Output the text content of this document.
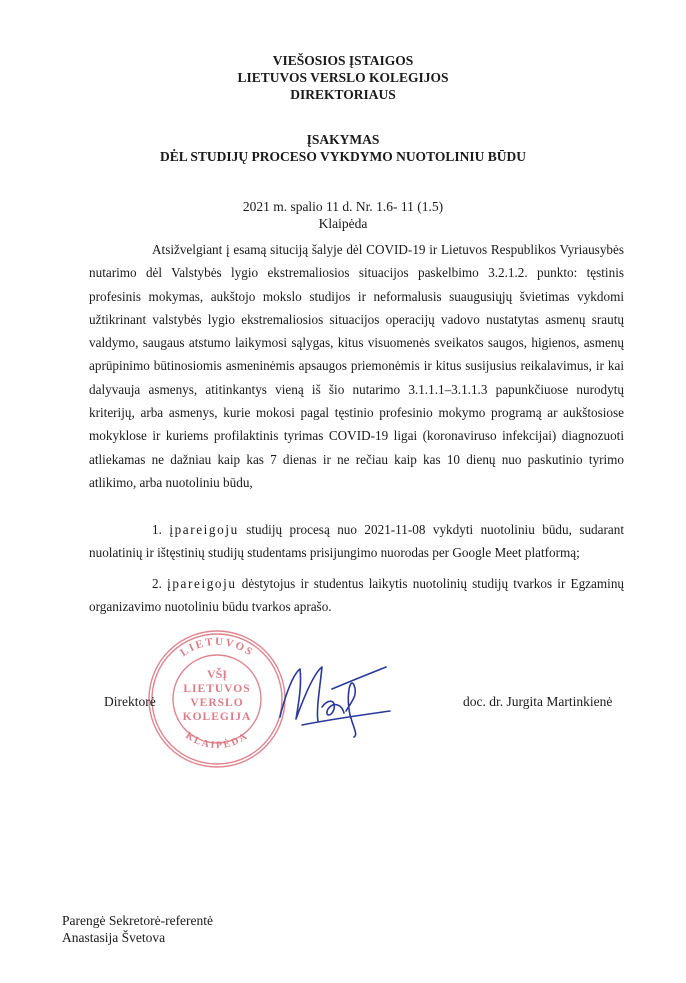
VIEŠOSIOS ĮSTAIGOS
LIETUVOS VERSLO KOLEGIJOS
DIREKTORIAUS
ĮSAKYMAS
DĖL STUDIJŲ PROCESO VYKDYMO NUOTOLINIU BŪDU
2021 m. spalio 11 d. Nr. 1.6- 11 (1.5)
Klaipėda
Atsižvelgiant į esamą situciją šalyje dėl COVID-19 ir Lietuvos Respublikos Vyriausybės nutarimo dėl Valstybės lygio ekstremaliosios situacijos paskelbimo 3.2.1.2. punkto: tęstinis profesinis mokymas, aukštojo mokslo studijos ir neformalusis suaugusiųjų švietimas vykdomi užtikrinant valstybės lygio ekstremaliosios situacijos operacijų vadovo nustatytas asmenų srautų valdymo, saugaus atstumo laikymosi sąlygas, kitus visuomenės sveikatos saugos, higienos, asmenų aprūpinimo būtinosiomis asmeninėmis apsaugos priemonėmis ir kitus susijusius reikalavimus, ir kai dalyvauja asmenys, atitinkantys vieną iš šio nutarimo 3.1.1.1–3.1.1.3 papunkčiuose nurodytų kriterijų, arba asmenys, kurie mokosi pagal tęstinio profesinio mokymo programą ar aukštosiose mokyklose ir kuriems profilaktinis tyrimas COVID-19 ligai (koronaviruso infekcijai) diagnozuoti atliekamas ne dažniau kaip kas 7 dienas ir ne rečiau kaip kas 10 dienų nuo paskutinio tyrimo atlikimo, arba nuotoliniu būdu,
1. įpareigoju studijų procesą nuo 2021-11-08 vykdyti nuotoliniu būdu, sudarant nuolatinių ir ištęstinių studijų studentams prisijungimo nuorodas per Google Meet platformą;
2. įpareigoju dėstytojus ir studentus laikytis nuotolinių studijų tvarkos ir Egzaminų organizavimo nuotoliniu būdu tvarkos aprašo.
LIETUVOS
KLAIPĖDA
VŠĮ
LIETUVOS
VERSLO
KOLEGIJA
Direktorė	doc. dr. Jurgita Martinkienė
Parengė Sekretorė-referentė
Anastasija Švetova
